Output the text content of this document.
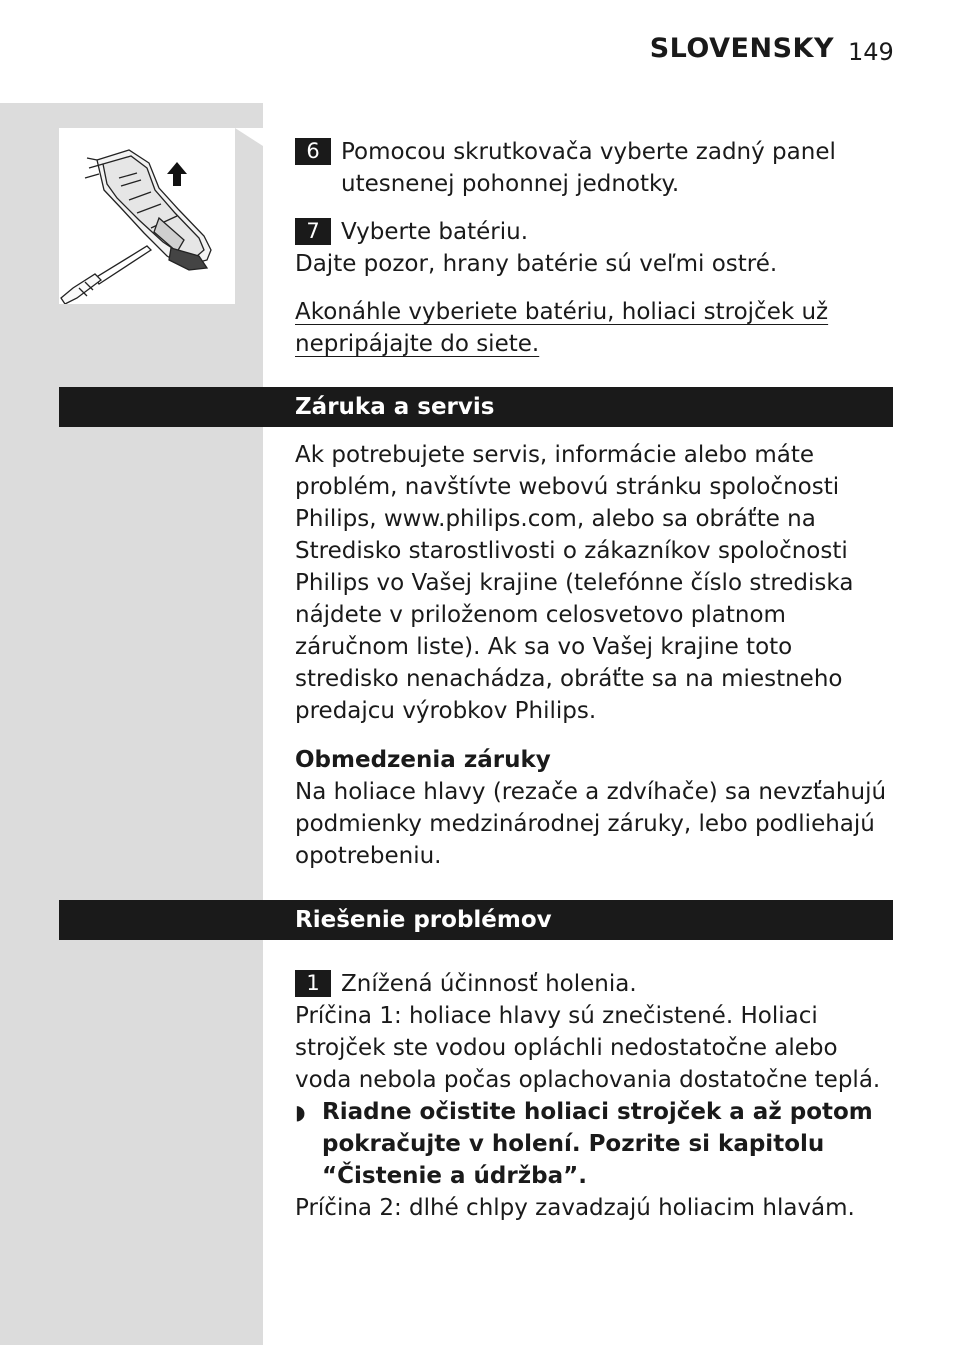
SLOVENSKY 149
6 Pomocou skrutkovača vyberte zadný panel utesnenej pohonnej jednotky.
7 Vyberte batériu.

Dajte pozor, hrany batérie sú veľmi ostré.

Akonáhle vyberiete batériu, holiaci strojček už nepripájajte do siete.

Záruka a servis

Ak potrebujete servis, informácie alebo máte problém, navštívte webovú stránku spoločnosti Philips, www.philips.com, alebo sa obráťte na Stredisko starostlivosti o zákazníkov spoločnosti Philips vo Vašej krajine (telefónne číslo strediska nájdete v priloženom celosvetovo platnom záručnom liste). Ak sa vo Vašej krajine toto stredisko nenachádza, obráťte sa na miestneho predajcu výrobkov Philips.

Obmedzenia záruky

Na holiace hlavy (rezače a zdvíhače) sa nevzťahujú podmienky medzinárodnej záruky, lebo podliehajú opotrebeniu.

Riešenie problémov
1 Znížená účinnosť holenia.

Príčina 1: holiace hlavy sú znečistené. Holiaci strojček ste vodou opláchli nedostatočne alebo voda nebola počas oplachovania dostatočne teplá.

◗ Riadne očistite holiaci strojček a až potom pokračujte v holení. Pozrite si kapitolu “Čistenie a údržba”.

Príčina 2: dlhé chlpy zavadzajú holiacim hlavám.
